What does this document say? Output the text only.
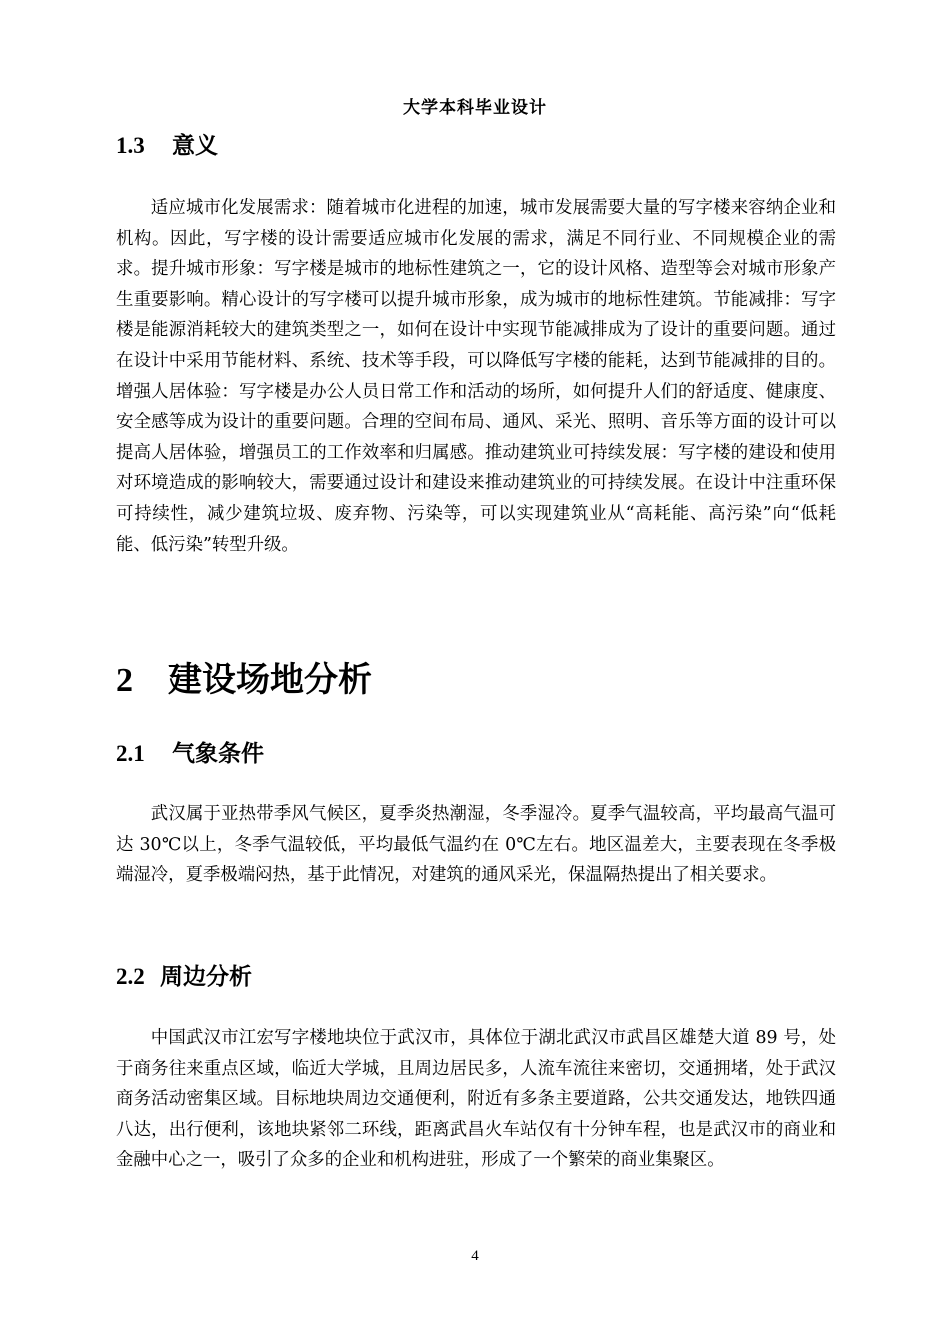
大学本科毕业设计
1.3 意义

适应城市化发展需求：随着城市化进程的加速，城市发展需要大量的写字楼来容纳企业和机构。因此，写字楼的设计需要适应城市化发展的需求，满足不同行业、不同规模企业的需求。提升城市形象：写字楼是城市的地标性建筑之一，它的设计风格、造型等会对城市形象产生重要影响。精心设计的写字楼可以提升城市形象，成为城市的地标性建筑。节能减排：写字楼是能源消耗较大的建筑类型之一，如何在设计中实现节能减排成为了设计的重要问题。通过在设计中采用节能材料、系统、技术等手段，可以降低写字楼的能耗，达到节能减排的目的。增强人居体验：写字楼是办公人员日常工作和活动的场所，如何提升人们的舒适度、健康度、安全感等成为设计的重要问题。合理的空间布局、通风、采光、照明、音乐等方面的设计可以提高人居体验，增强员工的工作效率和归属感。推动建筑业可持续发展：写字楼的建设和使用对环境造成的影响较大，需要通过设计和建设来推动建筑业的可持续发展。在设计中注重环保可持续性，减少建筑垃圾、废弃物、污染等，可以实现建筑业从“高耗能、高污染”向“低耗能、低污染”转型升级。

2 建设场地分析
2.1 气象条件

武汉属于亚热带季风气候区，夏季炎热潮湿，冬季湿冷。夏季气温较高，平均最高气温可达 30℃以上，冬季气温较低，平均最低气温约在 0℃左右。地区温差大，主要表现在冬季极端湿冷，夏季极端闷热，基于此情况，对建筑的通风采光，保温隔热提出了相关要求。

2.2 周边分析

中国武汉市江宏写字楼地块位于武汉市，具体位于湖北武汉市武昌区雄楚大道 89 号，处于商务往来重点区域，临近大学城，且周边居民多，人流车流往来密切，交通拥堵，处于武汉商务活动密集区域。目标地块周边交通便利，附近有多条主要道路，公共交通发达，地铁四通八达，出行便利，该地块紧邻二环线，距离武昌火车站仅有十分钟车程，也是武汉市的商业和金融中心之一，吸引了众多的企业和机构进驻，形成了一个繁荣的商业集聚区。

4
